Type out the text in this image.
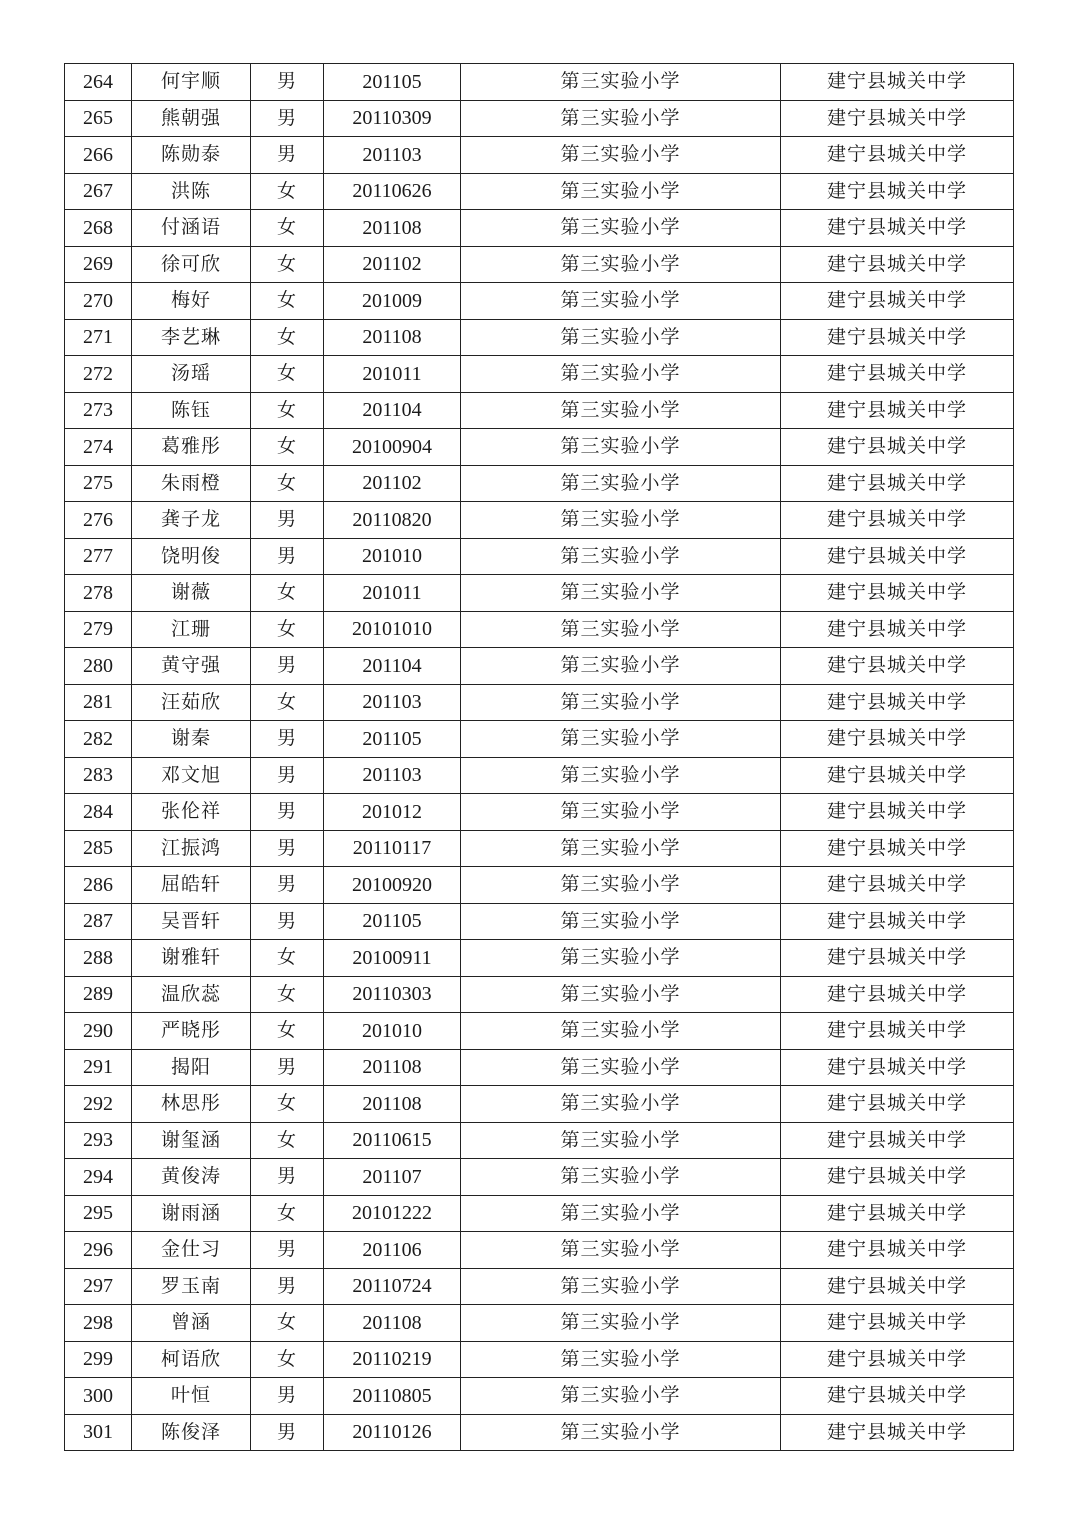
264	何宇顺	男	201105	第三实验小学	建宁县城关中学
265	熊朝强	男	20110309	第三实验小学	建宁县城关中学
266	陈勋泰	男	201103	第三实验小学	建宁县城关中学
267	洪陈	女	20110626	第三实验小学	建宁县城关中学
268	付涵语	女	201108	第三实验小学	建宁县城关中学
269	徐可欣	女	201102	第三实验小学	建宁县城关中学
270	梅好	女	201009	第三实验小学	建宁县城关中学
271	李艺琳	女	201108	第三实验小学	建宁县城关中学
272	汤瑶	女	201011	第三实验小学	建宁县城关中学
273	陈钰	女	201104	第三实验小学	建宁县城关中学
274	葛雅彤	女	20100904	第三实验小学	建宁县城关中学
275	朱雨橙	女	201102	第三实验小学	建宁县城关中学
276	龚子龙	男	20110820	第三实验小学	建宁县城关中学
277	饶明俊	男	201010	第三实验小学	建宁县城关中学
278	谢薇	女	201011	第三实验小学	建宁县城关中学
279	江珊	女	20101010	第三实验小学	建宁县城关中学
280	黄守强	男	201104	第三实验小学	建宁县城关中学
281	汪茹欣	女	201103	第三实验小学	建宁县城关中学
282	谢秦	男	201105	第三实验小学	建宁县城关中学
283	邓文旭	男	201103	第三实验小学	建宁县城关中学
284	张伦祥	男	201012	第三实验小学	建宁县城关中学
285	江振鸿	男	20110117	第三实验小学	建宁县城关中学
286	屈皓轩	男	20100920	第三实验小学	建宁县城关中学
287	吴晋轩	男	201105	第三实验小学	建宁县城关中学
288	谢雅轩	女	20100911	第三实验小学	建宁县城关中学
289	温欣蕊	女	20110303	第三实验小学	建宁县城关中学
290	严晓彤	女	201010	第三实验小学	建宁县城关中学
291	揭阳	男	201108	第三实验小学	建宁县城关中学
292	林思彤	女	201108	第三实验小学	建宁县城关中学
293	谢玺涵	女	20110615	第三实验小学	建宁县城关中学
294	黄俊涛	男	201107	第三实验小学	建宁县城关中学
295	谢雨涵	女	20101222	第三实验小学	建宁县城关中学
296	金仕习	男	201106	第三实验小学	建宁县城关中学
297	罗玉南	男	20110724	第三实验小学	建宁县城关中学
298	曾涵	女	201108	第三实验小学	建宁县城关中学
299	柯语欣	女	20110219	第三实验小学	建宁县城关中学
300	叶恒	男	20110805	第三实验小学	建宁县城关中学
301	陈俊泽	男	20110126	第三实验小学	建宁县城关中学
